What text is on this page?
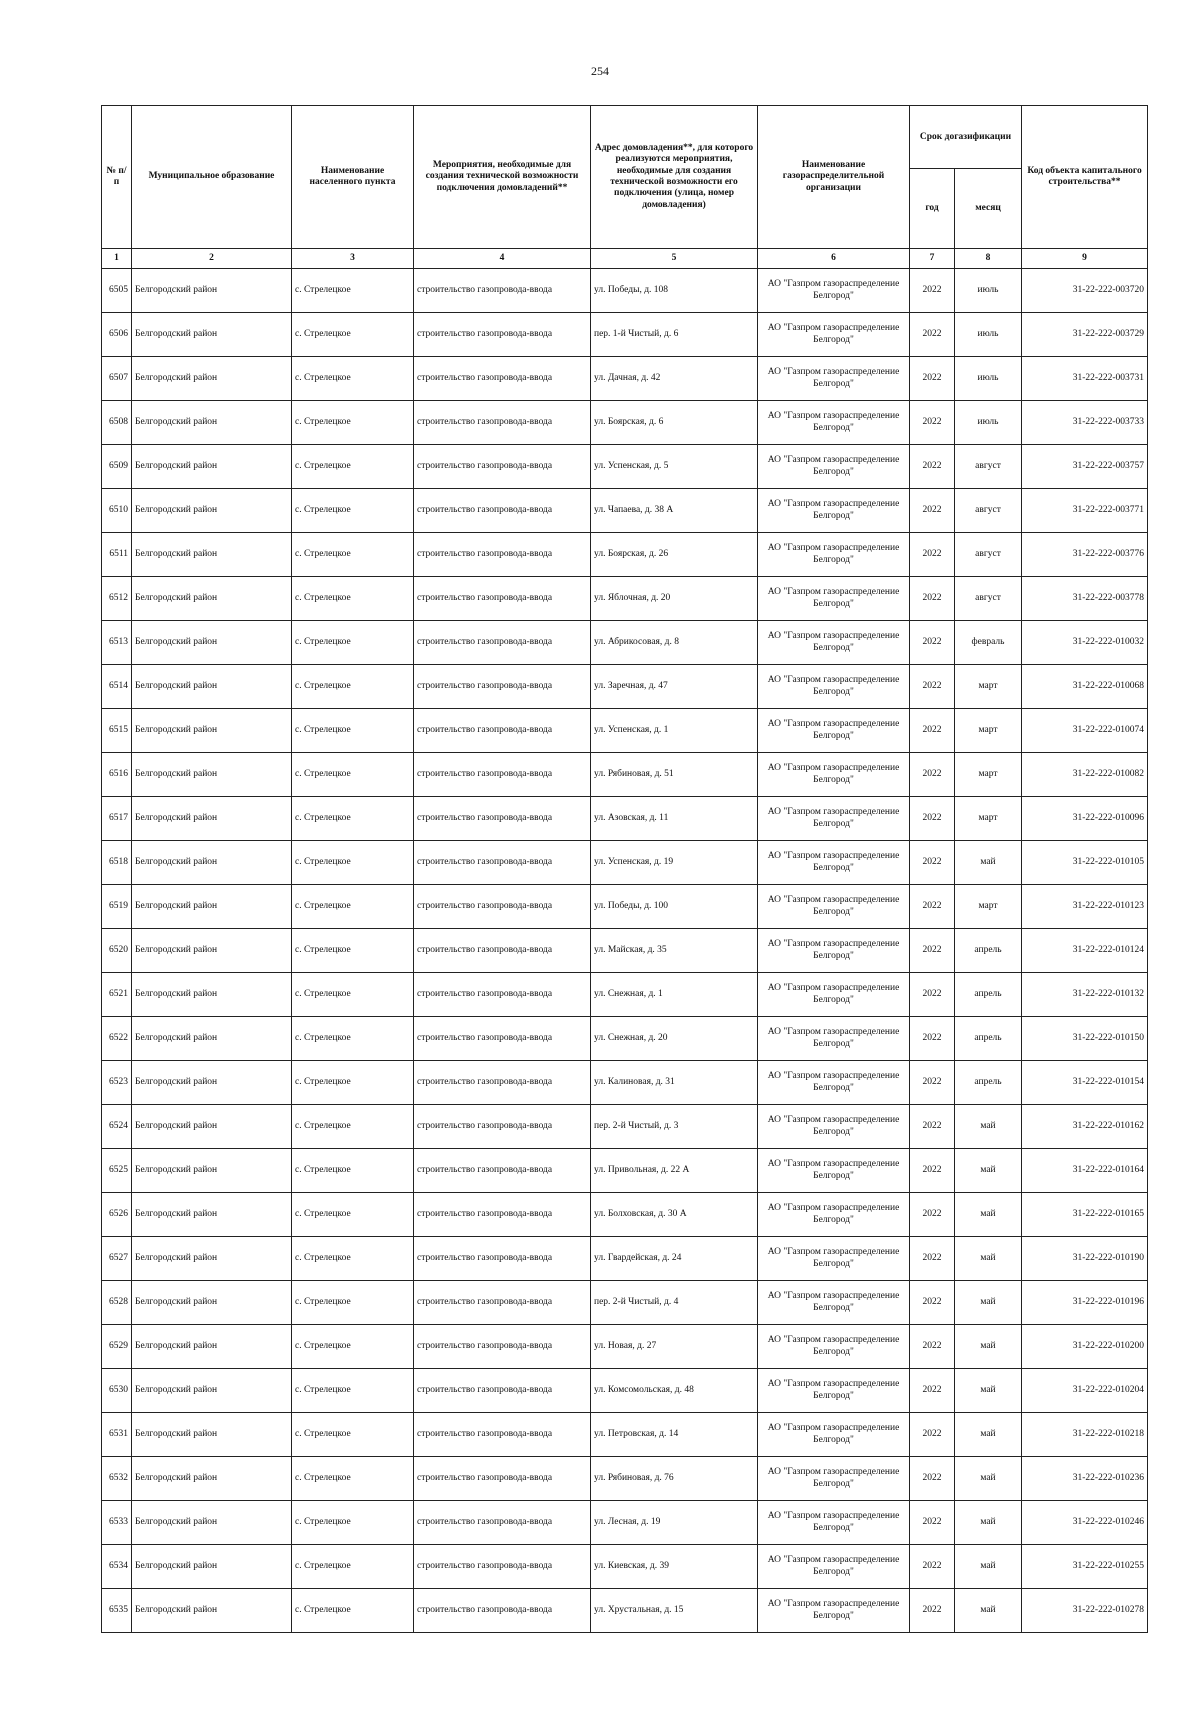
254
№ п/п	Муниципальное образование	Наименование населенного пункта	Мероприятия, необходимые для создания технической возможности подключения домовладений**	Адрес домовладения**, для которого реализуются мероприятия, необходимые для создания технической возможности его подключения (улица, номер домовладения)	Наименование газораспределительной организации	Срок догазификации		Код объекта капитального строительства**
						год	месяц	
1	2	3	4	5	6	7	8	9
6505	Белгородский район	с. Стрелецкое	строительство газопровода-ввода	ул. Победы, д. 108	АО "Газпром газораспределение Белгород"	2022	июль	31-22-222-003720
6506	Белгородский район	с. Стрелецкое	строительство газопровода-ввода	пер. 1-й Чистый, д. 6	АО "Газпром газораспределение Белгород"	2022	июль	31-22-222-003729
6507	Белгородский район	с. Стрелецкое	строительство газопровода-ввода	ул. Дачная, д. 42	АО "Газпром газораспределение Белгород"	2022	июль	31-22-222-003731
6508	Белгородский район	с. Стрелецкое	строительство газопровода-ввода	ул. Боярская, д. 6	АО "Газпром газораспределение Белгород"	2022	июль	31-22-222-003733
6509	Белгородский район	с. Стрелецкое	строительство газопровода-ввода	ул. Успенская, д. 5	АО "Газпром газораспределение Белгород"	2022	август	31-22-222-003757
6510	Белгородский район	с. Стрелецкое	строительство газопровода-ввода	ул. Чапаева, д. 38 А	АО "Газпром газораспределение Белгород"	2022	август	31-22-222-003771
6511	Белгородский район	с. Стрелецкое	строительство газопровода-ввода	ул. Боярская, д. 26	АО "Газпром газораспределение Белгород"	2022	август	31-22-222-003776
6512	Белгородский район	с. Стрелецкое	строительство газопровода-ввода	ул. Яблочная, д. 20	АО "Газпром газораспределение Белгород"	2022	август	31-22-222-003778
6513	Белгородский район	с. Стрелецкое	строительство газопровода-ввода	ул. Абрикосовая, д. 8	АО "Газпром газораспределение Белгород"	2022	февраль	31-22-222-010032
6514	Белгородский район	с. Стрелецкое	строительство газопровода-ввода	ул. Заречная, д. 47	АО "Газпром газораспределение Белгород"	2022	март	31-22-222-010068
6515	Белгородский район	с. Стрелецкое	строительство газопровода-ввода	ул. Успенская, д. 1	АО "Газпром газораспределение Белгород"	2022	март	31-22-222-010074
6516	Белгородский район	с. Стрелецкое	строительство газопровода-ввода	ул. Рябиновая, д. 51	АО "Газпром газораспределение Белгород"	2022	март	31-22-222-010082
6517	Белгородский район	с. Стрелецкое	строительство газопровода-ввода	ул. Азовская, д. 11	АО "Газпром газораспределение Белгород"	2022	март	31-22-222-010096
6518	Белгородский район	с. Стрелецкое	строительство газопровода-ввода	ул. Успенская, д. 19	АО "Газпром газораспределение Белгород"	2022	май	31-22-222-010105
6519	Белгородский район	с. Стрелецкое	строительство газопровода-ввода	ул. Победы, д. 100	АО "Газпром газораспределение Белгород"	2022	март	31-22-222-010123
6520	Белгородский район	с. Стрелецкое	строительство газопровода-ввода	ул. Майская, д. 35	АО "Газпром газораспределение Белгород"	2022	апрель	31-22-222-010124
6521	Белгородский район	с. Стрелецкое	строительство газопровода-ввода	ул. Снежная, д. 1	АО "Газпром газораспределение Белгород"	2022	апрель	31-22-222-010132
6522	Белгородский район	с. Стрелецкое	строительство газопровода-ввода	ул. Снежная, д. 20	АО "Газпром газораспределение Белгород"	2022	апрель	31-22-222-010150
6523	Белгородский район	с. Стрелецкое	строительство газопровода-ввода	ул. Калиновая, д. 31	АО "Газпром газораспределение Белгород"	2022	апрель	31-22-222-010154
6524	Белгородский район	с. Стрелецкое	строительство газопровода-ввода	пер. 2-й Чистый, д. 3	АО "Газпром газораспределение Белгород"	2022	май	31-22-222-010162
6525	Белгородский район	с. Стрелецкое	строительство газопровода-ввода	ул. Привольная, д. 22 А	АО "Газпром газораспределение Белгород"	2022	май	31-22-222-010164
6526	Белгородский район	с. Стрелецкое	строительство газопровода-ввода	ул. Болховская, д. 30 А	АО "Газпром газораспределение Белгород"	2022	май	31-22-222-010165
6527	Белгородский район	с. Стрелецкое	строительство газопровода-ввода	ул. Гвардейская, д. 24	АО "Газпром газораспределение Белгород"	2022	май	31-22-222-010190
6528	Белгородский район	с. Стрелецкое	строительство газопровода-ввода	пер. 2-й Чистый, д. 4	АО "Газпром газораспределение Белгород"	2022	май	31-22-222-010196
6529	Белгородский район	с. Стрелецкое	строительство газопровода-ввода	ул. Новая, д. 27	АО "Газпром газораспределение Белгород"	2022	май	31-22-222-010200
6530	Белгородский район	с. Стрелецкое	строительство газопровода-ввода	ул. Комсомольская, д. 48	АО "Газпром газораспределение Белгород"	2022	май	31-22-222-010204
6531	Белгородский район	с. Стрелецкое	строительство газопровода-ввода	ул. Петровская, д. 14	АО "Газпром газораспределение Белгород"	2022	май	31-22-222-010218
6532	Белгородский район	с. Стрелецкое	строительство газопровода-ввода	ул. Рябиновая, д. 76	АО "Газпром газораспределение Белгород"	2022	май	31-22-222-010236
6533	Белгородский район	с. Стрелецкое	строительство газопровода-ввода	ул. Лесная, д. 19	АО "Газпром газораспределение Белгород"	2022	май	31-22-222-010246
6534	Белгородский район	с. Стрелецкое	строительство газопровода-ввода	ул. Киевская, д. 39	АО "Газпром газораспределение Белгород"	2022	май	31-22-222-010255
6535	Белгородский район	с. Стрелецкое	строительство газопровода-ввода	ул. Хрустальная, д. 15	АО "Газпром газораспределение Белгород"	2022	май	31-22-222-010278
